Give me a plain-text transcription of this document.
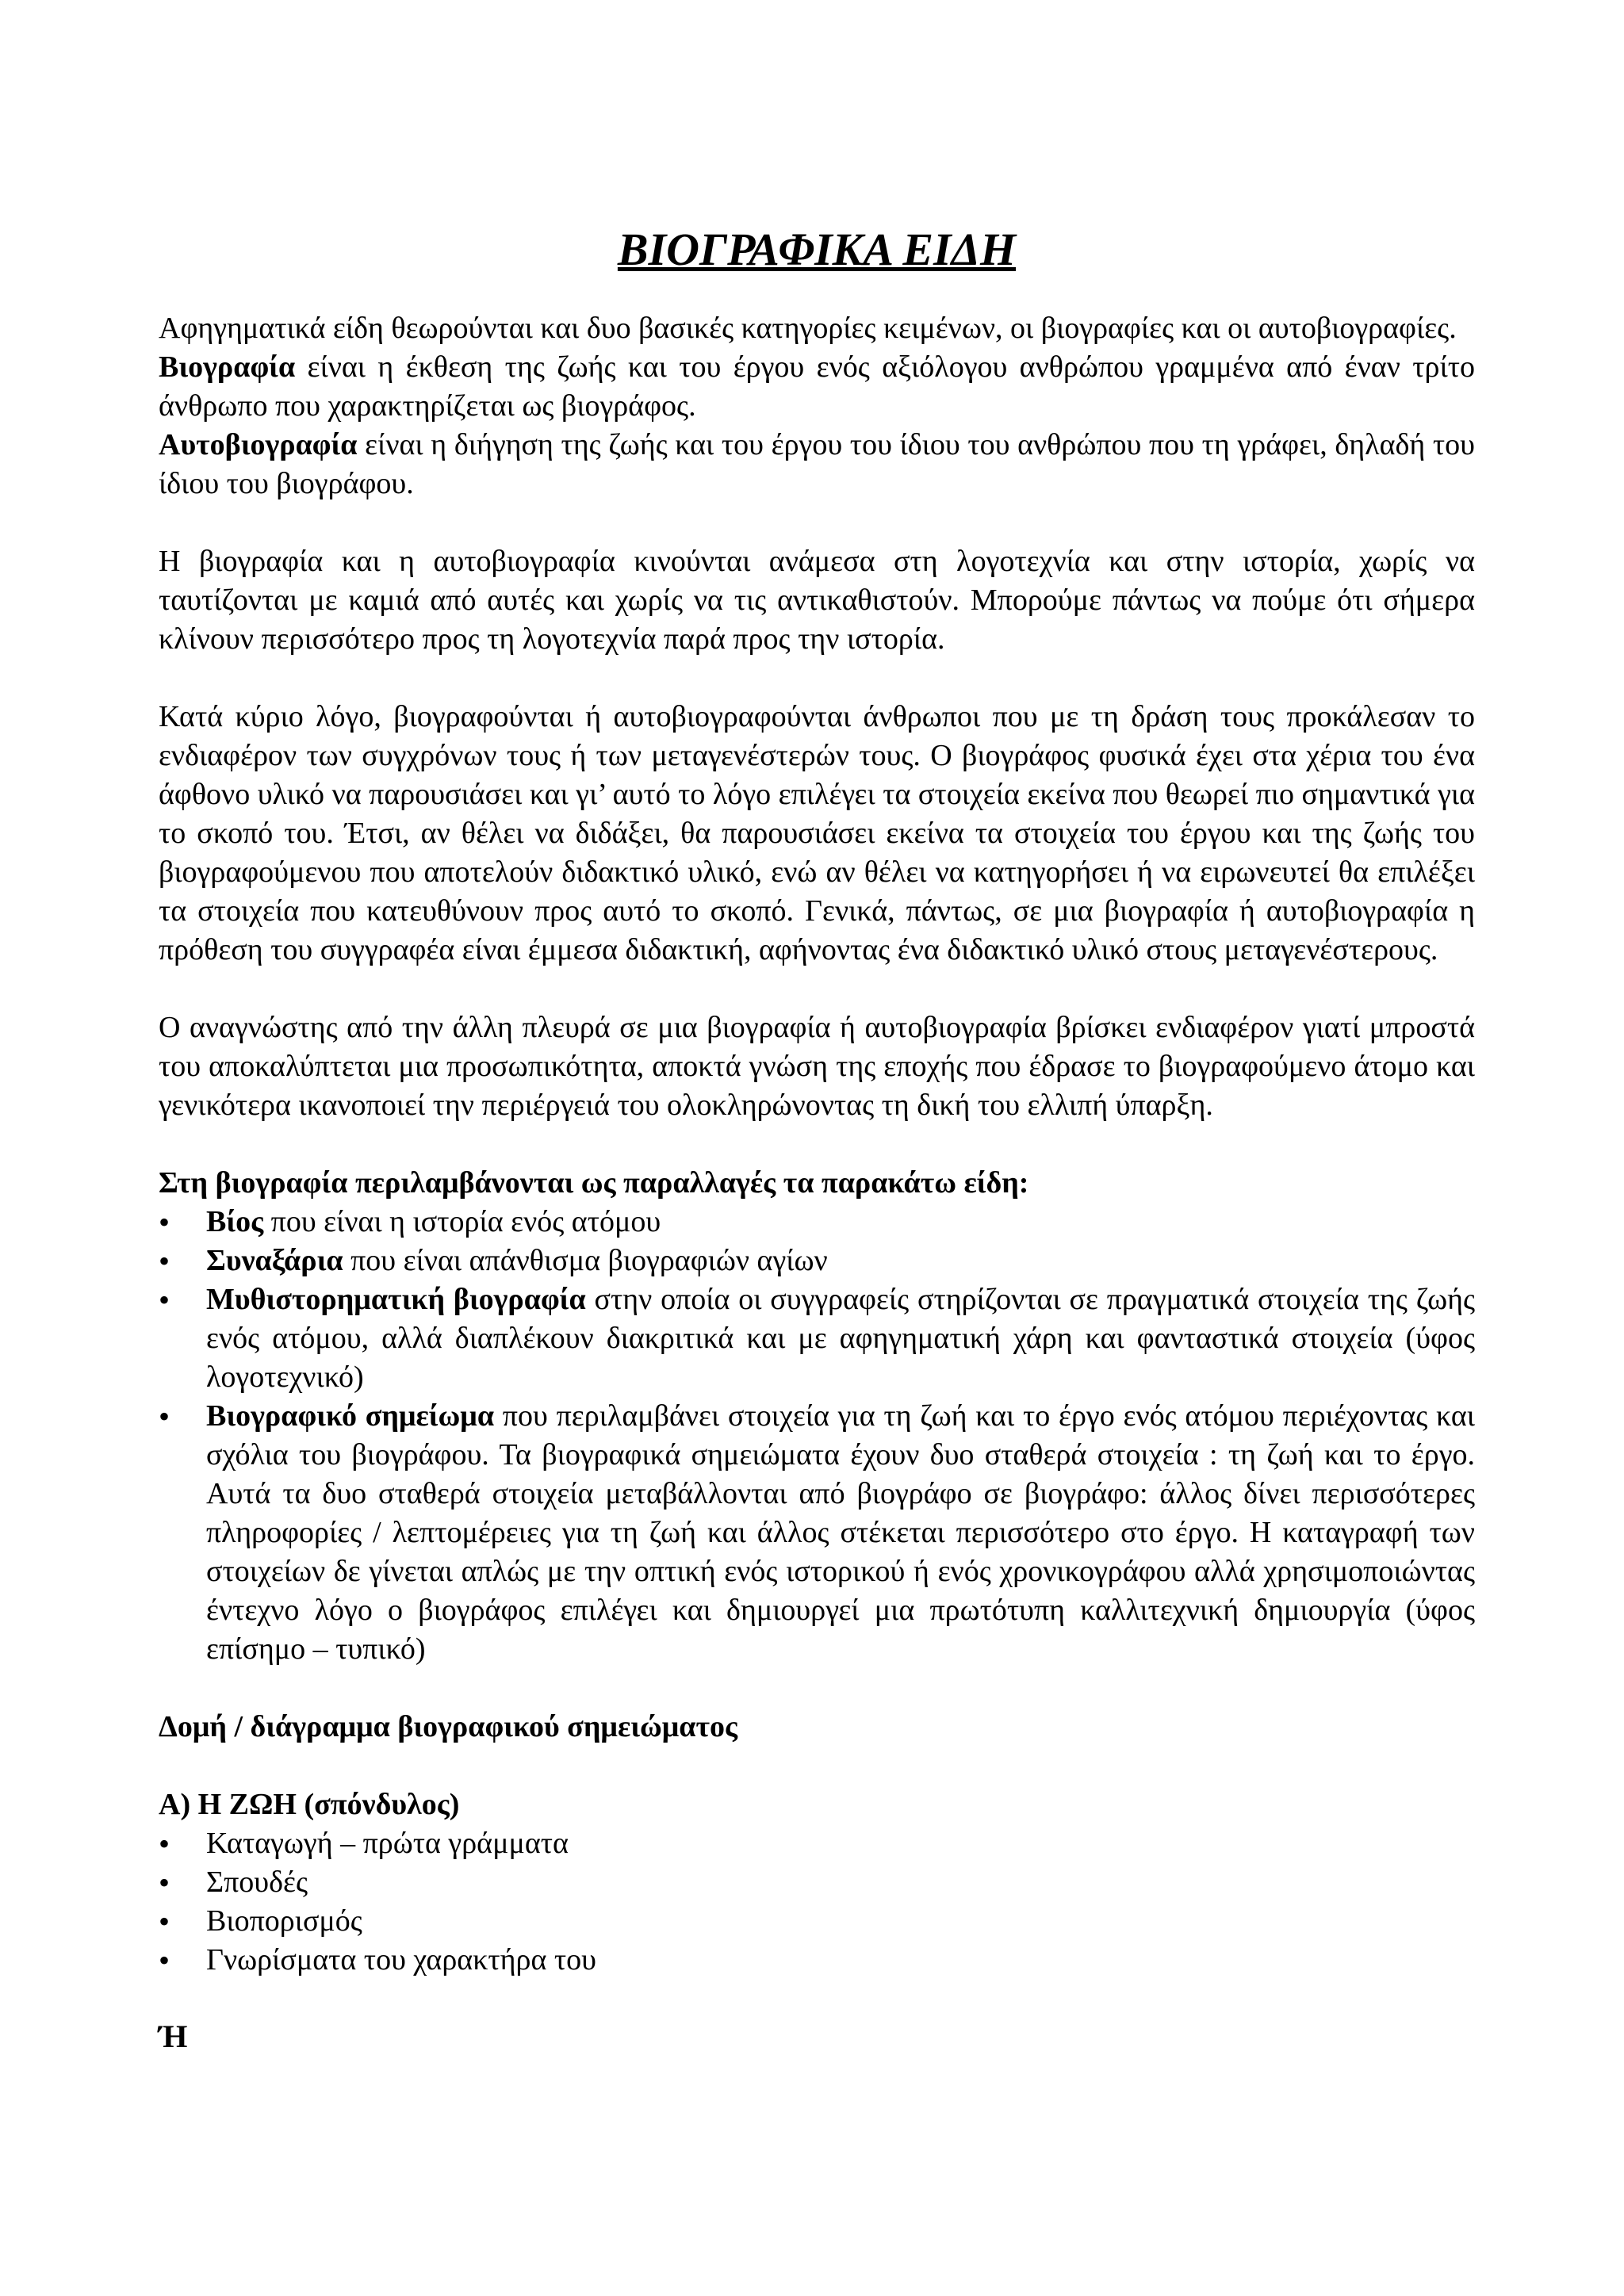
ΒΙΟΓΡΑΦΙΚΑ ΕΙΔΗ

Αφηγηματικά είδη θεωρούνται και δυο βασικές κατηγορίες κειμένων, οι βιογραφίες και οι αυτοβιογραφίες.

Βιογραφία είναι η έκθεση της ζωής και του έργου ενός αξιόλογου ανθρώπου γραμμένα από έναν τρίτο άνθρωπο που χαρακτηρίζεται ως βιογράφος.

Αυτοβιογραφία είναι η διήγηση της ζωής και του έργου του ίδιου του ανθρώπου που τη γράφει, δηλαδή του ίδιου του βιογράφου.

Η βιογραφία και η αυτοβιογραφία κινούνται ανάμεσα στη λογοτεχνία και στην ιστορία, χωρίς να ταυτίζονται με καμιά από αυτές και χωρίς να τις αντικαθιστούν. Μπορούμε πάντως να πούμε ότι σήμερα κλίνουν περισσότερο προς τη λογοτεχνία παρά προς την ιστορία.

Κατά κύριο λόγο, βιογραφούνται ή αυτοβιογραφούνται άνθρωποι που με τη δράση τους προκάλεσαν το ενδιαφέρον των συγχρόνων τους ή των μεταγενέστερών τους. Ο βιογράφος φυσικά έχει στα χέρια του ένα άφθονο υλικό να παρουσιάσει και γι’ αυτό το λόγο επιλέγει τα στοιχεία εκείνα που θεωρεί πιο σημαντικά για το σκοπό του. Έτσι, αν θέλει να διδάξει, θα παρουσιάσει εκείνα τα στοιχεία του έργου και της ζωής του βιογραφούμενου που αποτελούν διδακτικό υλικό, ενώ αν θέλει να κατηγορήσει ή να ειρωνευτεί θα επιλέξει τα στοιχεία που κατευθύνουν προς αυτό το σκοπό. Γενικά, πάντως, σε μια βιογραφία ή αυτοβιογραφία η πρόθεση του συγγραφέα είναι έμμεσα διδακτική, αφήνοντας ένα διδακτικό υλικό στους μεταγενέστερους.

Ο αναγνώστης από την άλλη πλευρά σε μια βιογραφία ή αυτοβιογραφία βρίσκει ενδιαφέρον γιατί μπροστά του αποκαλύπτεται μια προσωπικότητα, αποκτά γνώση της εποχής που έδρασε το βιογραφούμενο άτομο και γενικότερα ικανοποιεί την περιέργειά του ολοκληρώνοντας τη δική του ελλιπή ύπαρξη.

Στη βιογραφία περιλαμβάνονται ως παραλλαγές τα παρακάτω είδη:

• Βίος που είναι η ιστορία ενός ατόμου
• Συναξάρια που είναι απάνθισμα βιογραφιών αγίων
• Μυθιστορηματική βιογραφία στην οποία οι συγγραφείς στηρίζονται σε πραγματικά στοιχεία της ζωής ενός ατόμου, αλλά διαπλέκουν διακριτικά και με αφηγηματική χάρη και φανταστικά στοιχεία (ύφος λογοτεχνικό)
• Βιογραφικό σημείωμα που περιλαμβάνει στοιχεία για τη ζωή και το έργο ενός ατόμου περιέχοντας και σχόλια του βιογράφου. Τα βιογραφικά σημειώματα έχουν δυο σταθερά στοιχεία : τη ζωή και το έργο. Αυτά τα δυο σταθερά στοιχεία μεταβάλλονται από βιογράφο σε βιογράφο: άλλος δίνει περισσότερες πληροφορίες / λεπτομέρειες για τη ζωή και άλλος στέκεται περισσότερο στο έργο. Η καταγραφή των στοιχείων δε γίνεται απλώς με την οπτική ενός ιστορικού ή ενός χρονικογράφου αλλά χρησιμοποιώντας έντεχνο λόγο ο βιογράφος επιλέγει και δημιουργεί μια πρωτότυπη καλλιτεχνική δημιουργία (ύφος επίσημο – τυπικό)

Δομή / διάγραμμα βιογραφικού σημειώματος

Α) Η ΖΩΗ (σπόνδυλος)

• Καταγωγή – πρώτα γράμματα
• Σπουδές
• Βιοπορισμός
• Γνωρίσματα του χαρακτήρα του
Ή
